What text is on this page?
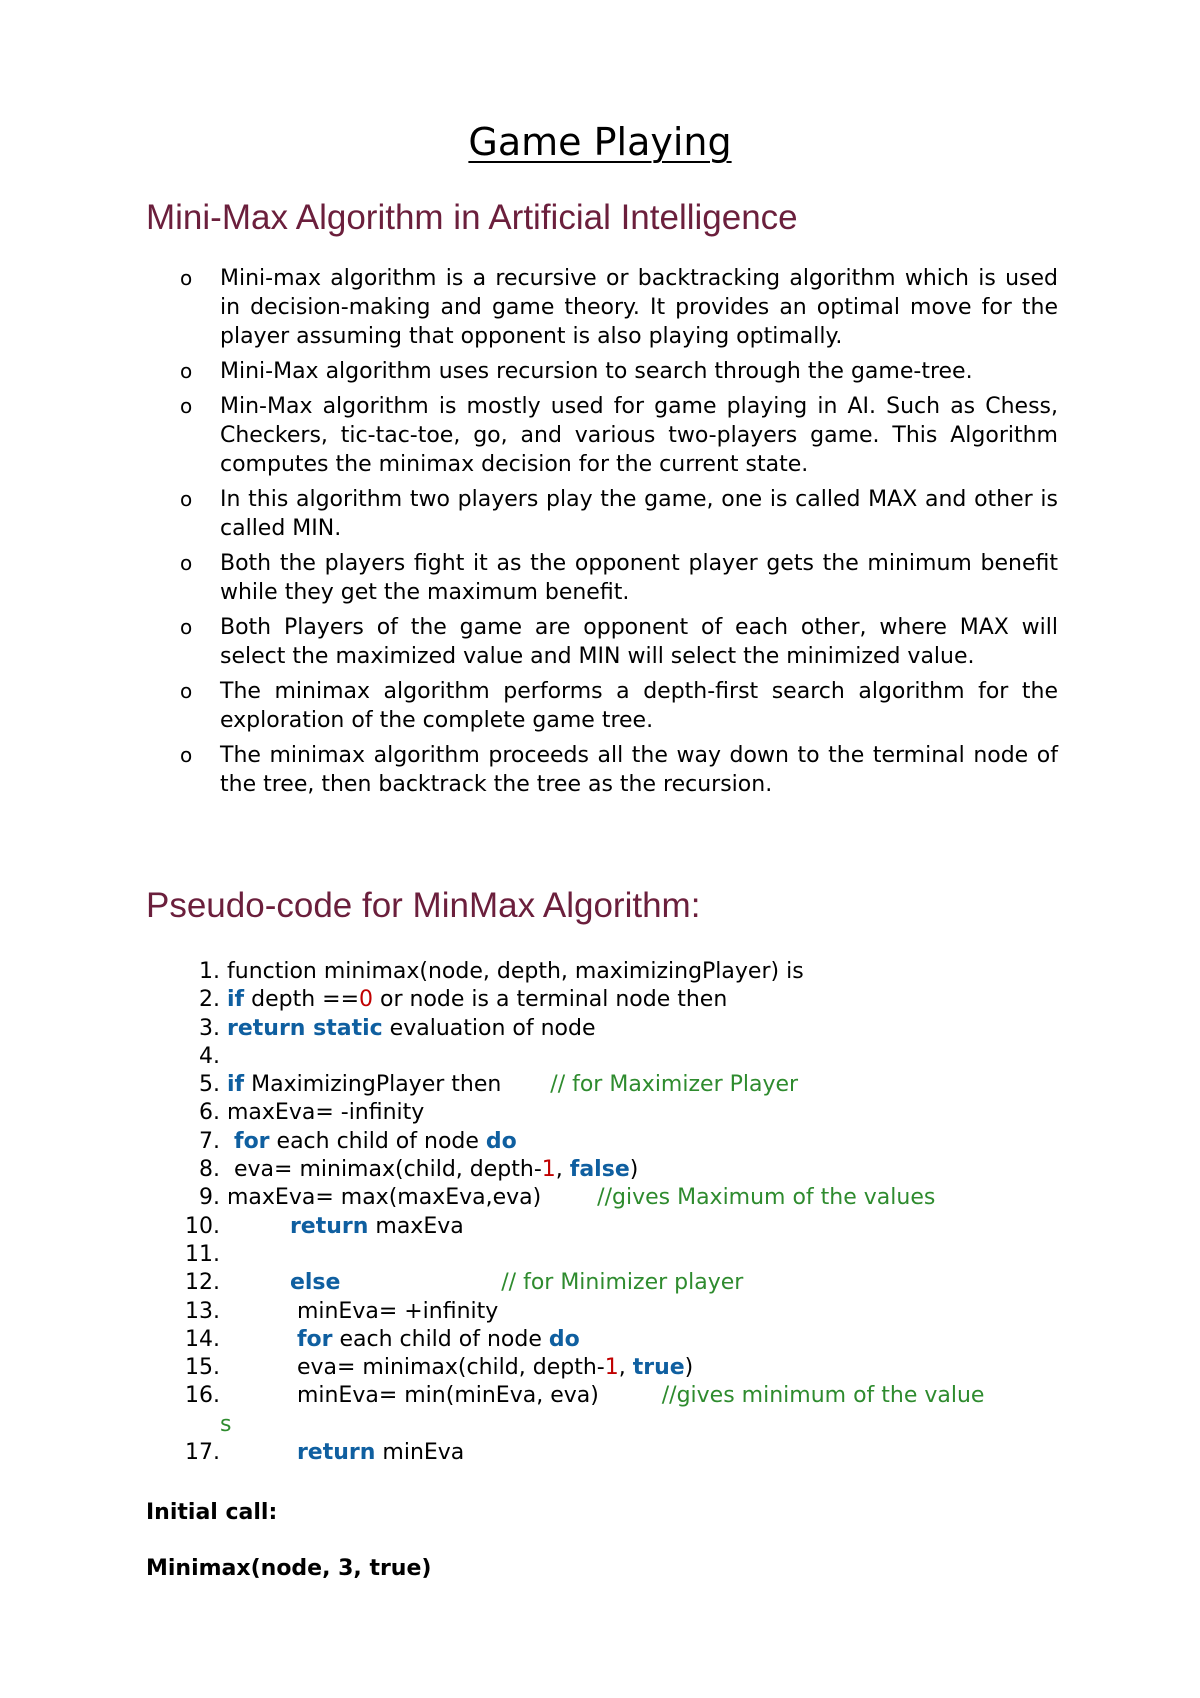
Game Playing
Mini-Max Algorithm in Artificial Intelligence
o Mini-max algorithm is a recursive or backtracking algorithm which is used in decision-making and game theory. It provides an optimal move for the player assuming that opponent is also playing optimally.
o Mini-Max algorithm uses recursion to search through the game-tree.
o Min-Max algorithm is mostly used for game playing in AI. Such as Chess, Checkers, tic-tac-toe, go, and various two-players game. This Algorithm computes the minimax decision for the current state.
o In this algorithm two players play the game, one is called MAX and other is called MIN.
o Both the players fight it as the opponent player gets the minimum benefit while they get the maximum benefit.
o Both Players of the game are opponent of each other, where MAX will select the maximized value and MIN will select the minimized value.
o The minimax algorithm performs a depth-first search algorithm for the exploration of the complete game tree.
o The minimax algorithm proceeds all the way down to the terminal node of the tree, then backtrack the tree as the recursion.
Pseudo-code for MinMax Algorithm:
1. function minimax(node, depth, maximizingPlayer) is
2. if depth ==0 or node is a terminal node then
3. return static evaluation of node
4.
5. if MaximizingPlayer then       // for Maximizer Player
6. maxEva= -infinity
7. for each child of node do
8. eva= minimax(child, depth-1, false)
9. maxEva= max(maxEva,eva)        //gives Maximum of the values
10.	return maxEva
11.
12.	else	// for Minimizer player
13.	minEva= +infinity
14.	for each child of node do
15.	eva= minimax(child, depth-1, true)
16.	minEva= min(minEva, eva)         //gives minimum of the value
s
17.	return minEva
Initial call:
Minimax(node, 3, true)
